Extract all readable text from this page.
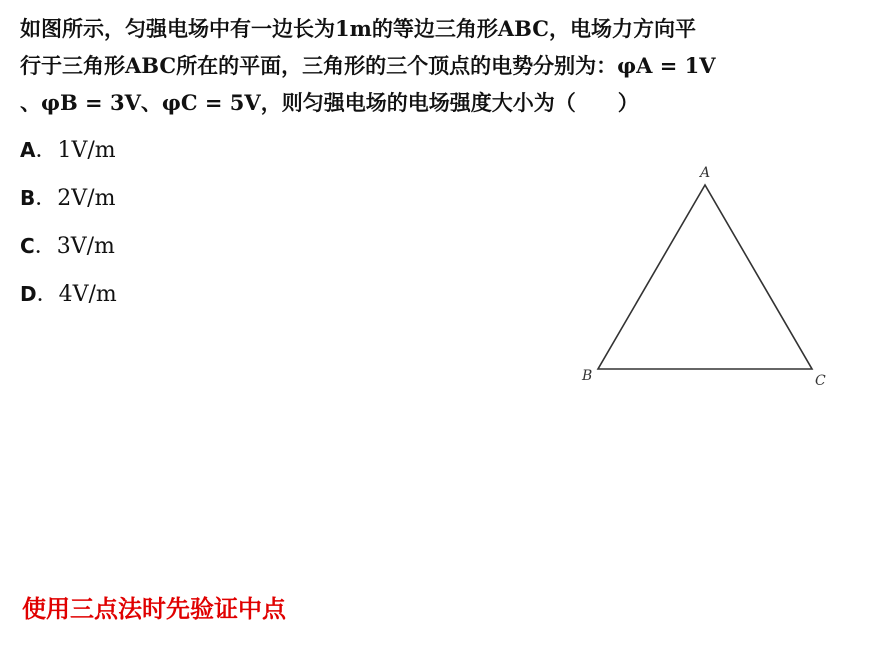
如图所示，匀强电场中有一边长为1m的等边三角形ABC，电场力方向平
行于三角形ABC所在的平面，三角形的三个顶点的电势分别为：φA = 1V
、φB = 3V、φC = 5V，则匀强电场的电场强度大小为（　　）
A．1V/m
B．2V/m
C．3V/m
D．4V/m
A
B	C
使用三点法时先验证中点
